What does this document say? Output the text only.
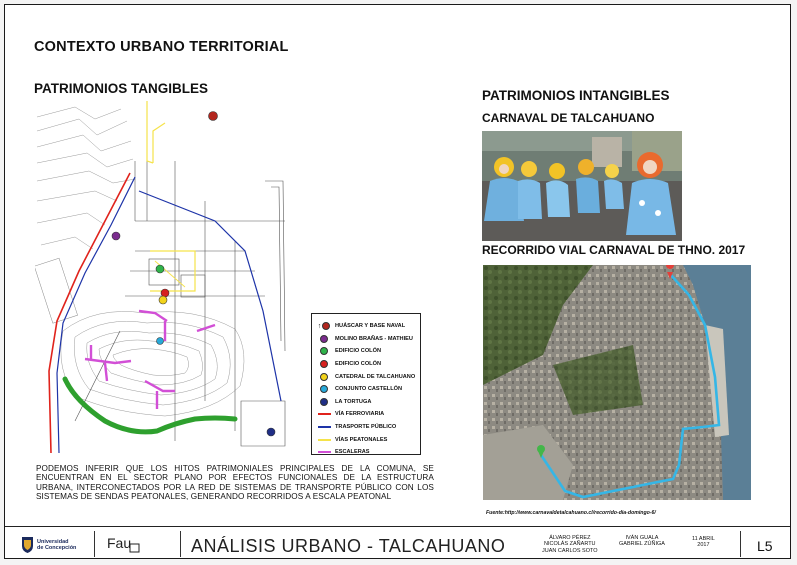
CONTEXTO URBANO TERRITORIAL
PATRIMONIOS TANGIBLES
↑ HUÁSCAR Y BASE NAVAL
MOLINO BRAÑAS - MATHIEU
EDIFICIO COLÓN
EDIFICIO COLÓN
CATEDRAL DE TALCAHUANO
CONJUNTO CASTELLÓN
LA TORTUGA
VÍA FERROVIARIA
TRASPORTE PÚBLICO
VÍAS PEATONALES
ESCALERAS
PATRIMONIOS INTANGIBLES
CARNAVAL DE TALCAHUANO
RECORRIDO VIAL CARNAVAL DE THNO. 2017
PODEMOS INFERIR QUE LOS HITOS PATRIMONIALES PRINCIPALES DE LA COMUNA, SE ENCUENTRAN EN EL SECTOR PLANO POR EFECTOS FUNCIONALES DE LA ESTRUCTURA URBANA, INTERCONECTADOS POR LA RED DE SISTEMAS DE TRANSPORTE PÚBLICO CON LOS SISTEMAS DE SENDAS PEATONALES, GENERANDO RECORRIDOS A ESCALA PEATONAL
Fuente:http://www.carnavaldetalcahuano.cl/recorrido-dia-domingo-6/
Universidad
de Concepción Fau	ANÁLISIS URBANO - TALCAHUANO	ÁLVARO PÉREZ
NICOLÁS ZAÑARTU
JUAN CARLOS SOTO
IVÁN GUALA
GABRIEL ZÚÑIGA
11 ABRIL
2017	L5
